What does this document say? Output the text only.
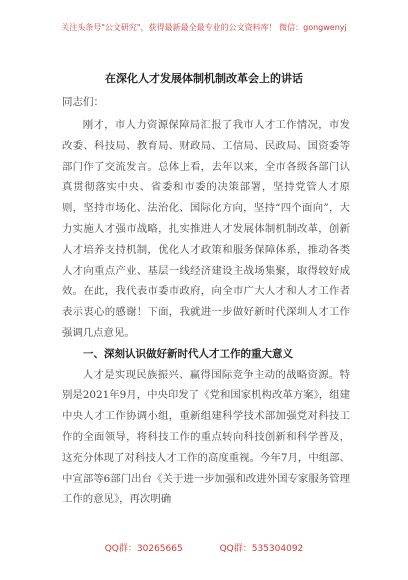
关注头条号"公文研究"，获得最新最全最专业的公文资料库！ 微信：gongwenyj
在深化人才发展体制机制改革会上的讲话
同志们：

刚才，市人力资源保障局汇报了我市人才工作情况，市发改委、科技局、教育局、财政局、工信局、民政局、国资委等部门作了交流发言。总体上看，去年以来，全市各级各部门认真贯彻落实中央、省委和市委的决策部署，坚持党管人才原则，坚持市场化、法治化、国际化方向，坚持“四个面向”，大力实施人才强市战略，扎实推进人才发展体制机制改革，创新人才培养支持机制，优化人才政策和服务保障体系，推动各类人才向重点产业、基层一线经济建设主战场集聚，取得较好成效。在此，我代表市委市政府，向全市广大人才和人才工作者表示衷心的感谢！下面，我就进一步做好新时代深圳人才工作强调几点意见。

一、深刻认识做好新时代人才工作的重大意义

人才是实现民族振兴、赢得国际竞争主动的战略资源。特别是2021年9月，中央印发了《党和国家机构改革方案》，组建中央人才工作协调小组，重新组建科学技术部加强党对科技工作的全面领导，将科技工作的重点转向科技创新和科学普及，这充分体现了对科技人才工作的高度重视。今年7月，中组部、中宣部等6部门出台《关于进一步加强和改进外国专家服务管理工作的意见》，再次明确

QQ群：30265665	QQ群：535304092
